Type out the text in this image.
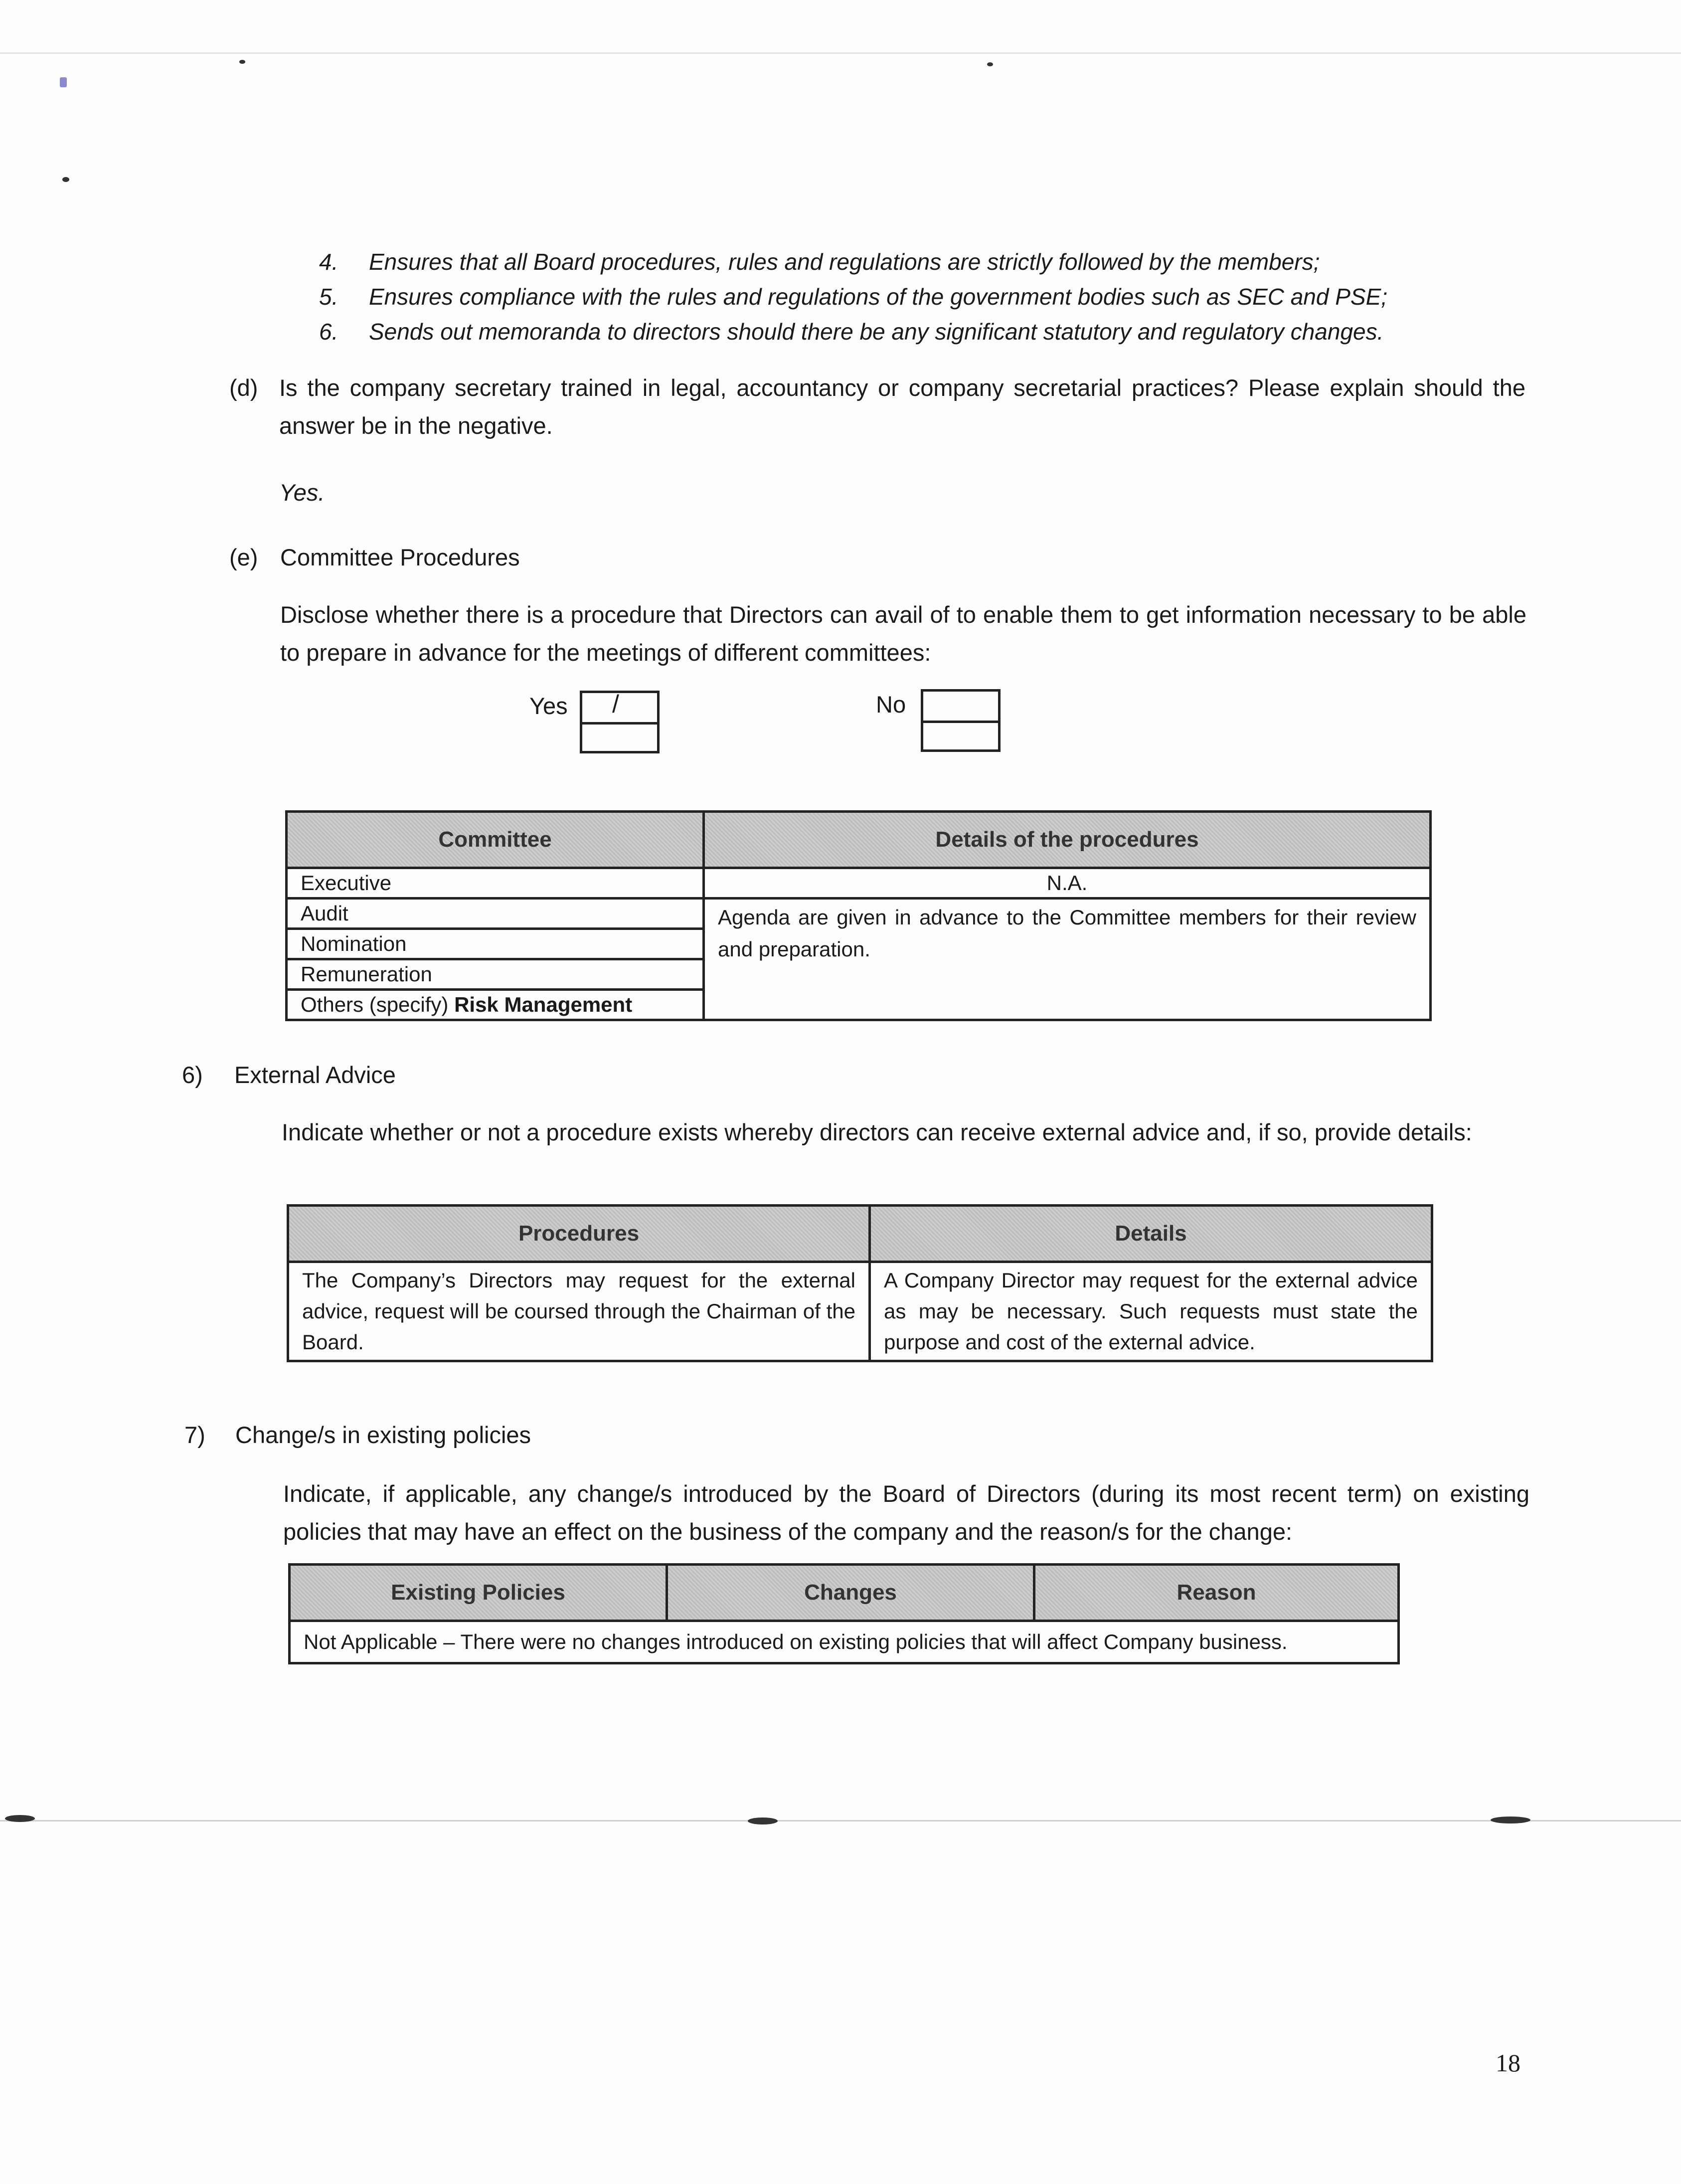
4.	Ensures that all Board procedures, rules and regulations are strictly followed by the members;
5.	Ensures compliance with the rules and regulations of the government bodies such as SEC and PSE;
6.	Sends out memoranda to directors should there be any significant statutory and regulatory changes.
(d) Is the company secretary trained in legal, accountancy or company secretarial practices? Please explain should the answer be in the negative.
Yes.
(e) Committee Procedures
Disclose whether there is a procedure that Directors can avail of to enable them to get information necessary to be able to prepare in advance for the meetings of different committees:
Yes /	No
Committee	Details of the procedures
Executive	N.A.
Audit	Agenda are given in advance to the Committee members for their review and preparation.
Nomination	
Remuneration	
Others (specify) Risk Management	
6) External Advice
Indicate whether or not a procedure exists whereby directors can receive external advice and, if so, provide details:
Procedures	Details
The Company’s Directors may request for the external advice, request will be coursed through the Chairman of the Board.	A Company Director may request for the external advice as may be necessary. Such requests must state the purpose and cost of the external advice.
7) Change/s in existing policies
Indicate, if applicable, any change/s introduced by the Board of Directors (during its most recent term) on existing policies that may have an effect on the business of the company and the reason/s for the change:
Existing Policies	Changes	Reason
Not Applicable – There were no changes introduced on existing policies that will affect Company business.
18
